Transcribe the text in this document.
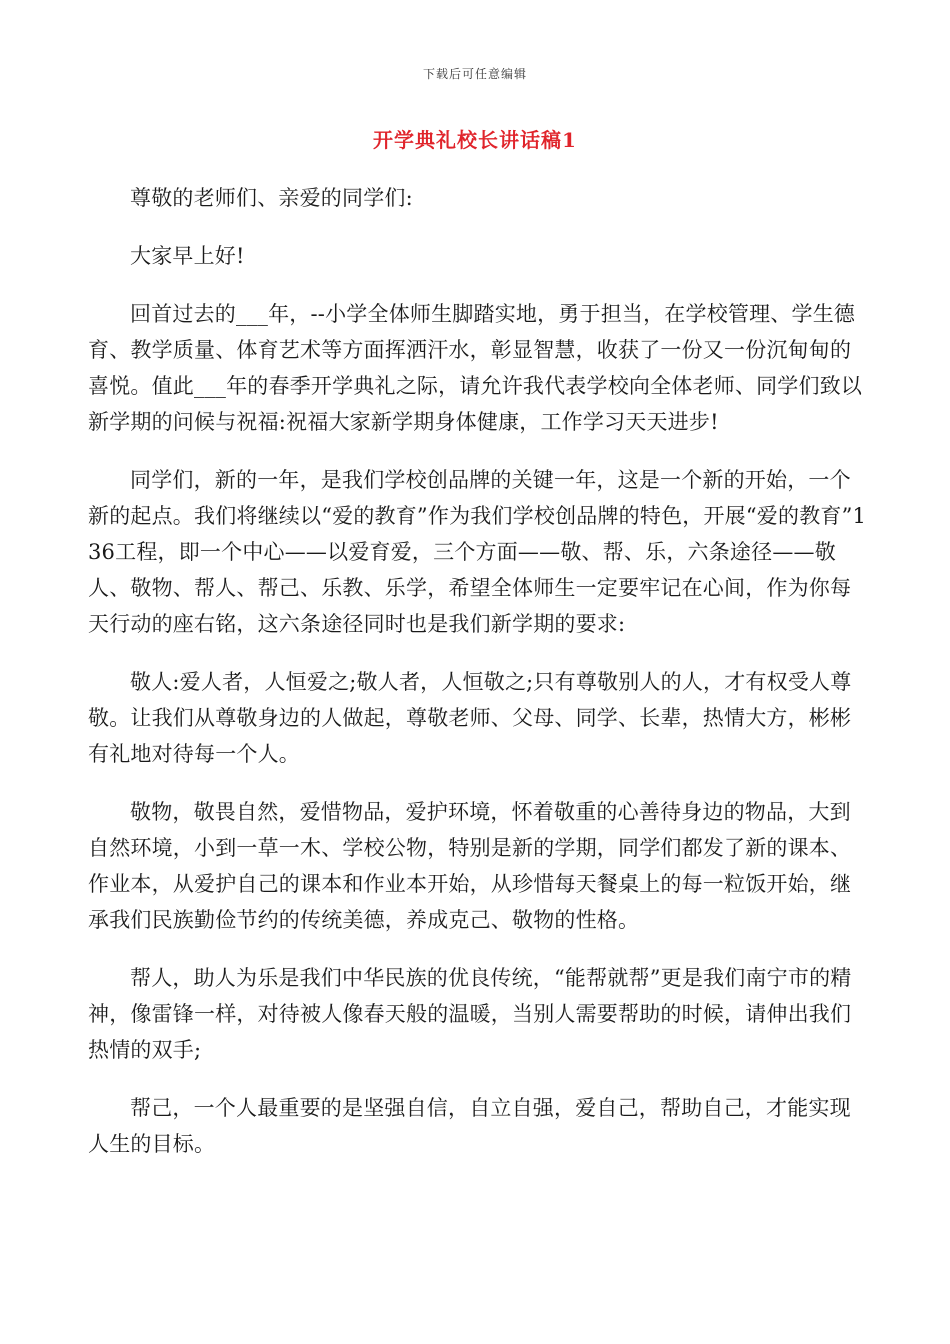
下载后可任意编辑
开学典礼校长讲话稿1

尊敬的老师们、亲爱的同学们:

大家早上好!

回首过去的___年，--小学全体师生脚踏实地，勇于担当，在学校管理、学生德育、教学质量、体育艺术等方面挥洒汗水，彰显智慧，收获了一份又一份沉甸甸的喜悦。值此___年的春季开学典礼之际，请允许我代表学校向全体老师、同学们致以新学期的问候与祝福:祝福大家新学期身体健康，工作学习天天进步!

同学们，新的一年，是我们学校创品牌的关键一年，这是一个新的开始，一个新的起点。我们将继续以“爱的教育”作为我们学校创品牌的特色，开展“爱的教育”136工程，即一个中心——以爱育爱，三个方面——敬、帮、乐，六条途径——敬人、敬物、帮人、帮己、乐教、乐学，希望全体师生一定要牢记在心间，作为你每天行动的座右铭，这六条途径同时也是我们新学期的要求:

敬人:爱人者，人恒爱之;敬人者，人恒敬之;只有尊敬别人的人，才有权受人尊敬。让我们从尊敬身边的人做起，尊敬老师、父母、同学、长辈，热情大方，彬彬有礼地对待每一个人。

敬物，敬畏自然，爱惜物品，爱护环境，怀着敬重的心善待身边的物品，大到自然环境，小到一草一木、学校公物，特别是新的学期，同学们都发了新的课本、作业本，从爱护自己的课本和作业本开始，从珍惜每天餐桌上的每一粒饭开始，继承我们民族勤俭节约的传统美德，养成克己、敬物的性格。

帮人，助人为乐是我们中华民族的优良传统，“能帮就帮”更是我们南宁市的精神，像雷锋一样，对待被人像春天般的温暖，当别人需要帮助的时候，请伸出我们热情的双手;

帮己，一个人最重要的是坚强自信，自立自强，爱自己，帮助自己，才能实现人生的目标。
